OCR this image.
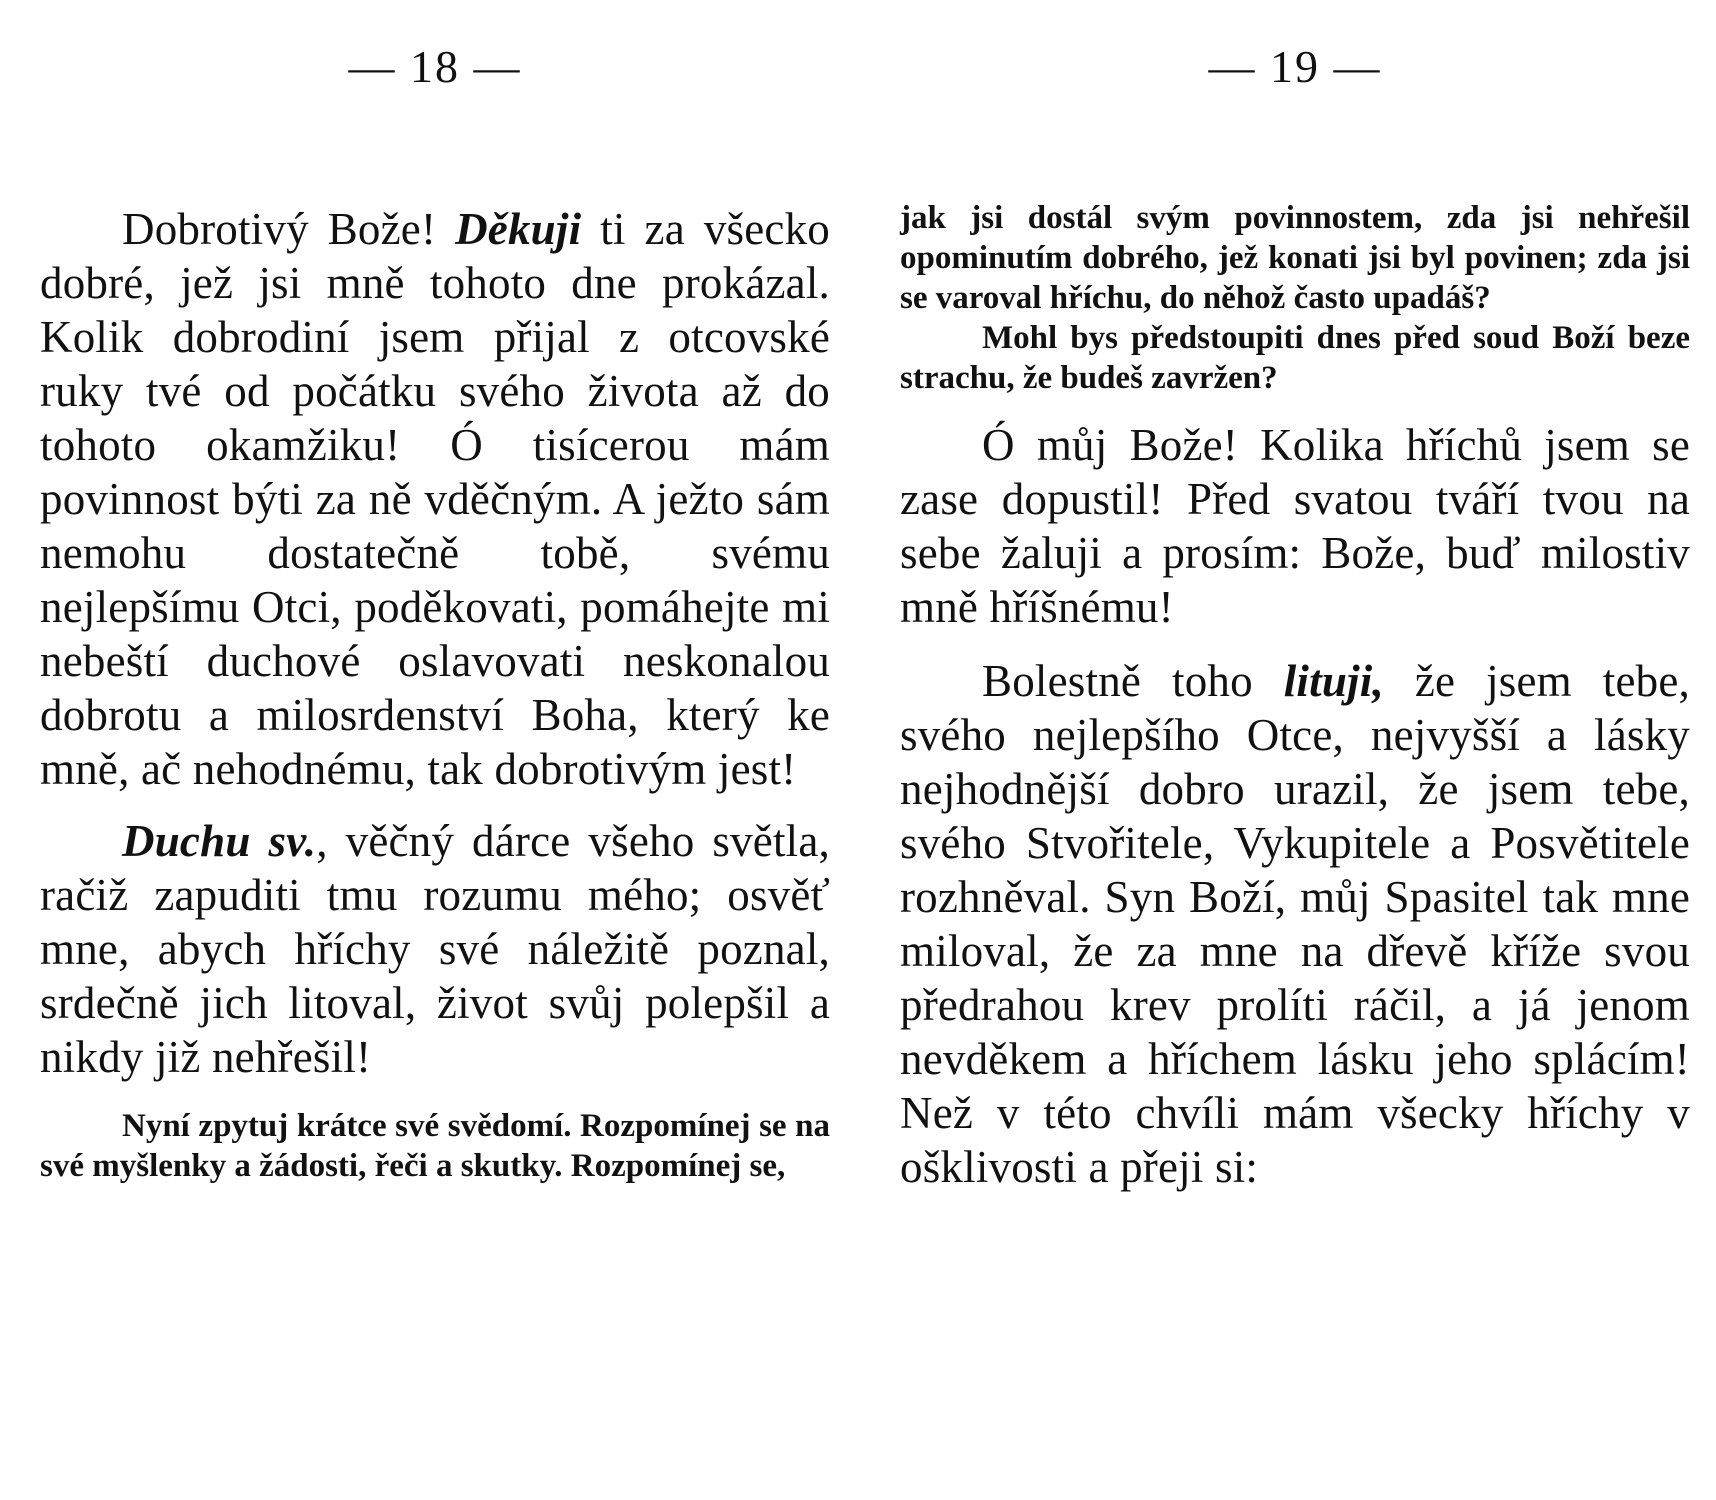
— 18 —

Dobrotivý Bože! Děkuji ti za všecko dobré, jež jsi mně tohoto dne prokázal. Kolik dobrodiní jsem přijal z otcovské ruky tvé od počátku svého života až do tohoto okamžiku! Ó tisícerou mám povinnost býti za ně vděčným. A ježto sám nemohu dostatečně tobě, svému nejlepšímu Otci, poděkovati, pomáhejte mi nebeští duchové oslavovati neskonalou dobrotu a milosrdenství Boha, který ke mně, ač nehodnému, tak dobrotivým jest!

Duchu sv., věčný dárce všeho světla, račiž zapuditi tmu rozumu mého; osvěť mne, abych hříchy své náležitě poznal, srdečně jich litoval, život svůj polepšil a nikdy již nehřešil!

Nyní zpytuj krátce své svědomí. Rozpomínej se na své myšlenky a žádosti, řeči a skutky. Rozpomínej se,

— 19 —

jak jsi dostál svým povinnostem, zda jsi nehřešil opominutím dobrého, jež konati jsi byl povinen; zda jsi se varoval hříchu, do něhož často upadáš?

Mohl bys předstoupiti dnes před soud Boží beze strachu, že budeš zavržen?

Ó můj Bože! Kolika hříchů jsem se zase dopustil! Před svatou tváří tvou na sebe žaluji a prosím: Bože, buď milostiv mně hříšnému!

Bolestně toho lituji, že jsem tebe, svého nejlepšího Otce, nejvyšší a lásky nejhodnější dobro urazil, že jsem tebe, svého Stvořitele, Vykupitele a Posvětitele rozhněval. Syn Boží, můj Spasitel tak mne miloval, že za mne na dřevě kříže svou předrahou krev prolíti ráčil, a já jenom nevděkem a hříchem lásku jeho splácím! Než v této chvíli mám všecky hříchy v ošklivosti a přeji si:
